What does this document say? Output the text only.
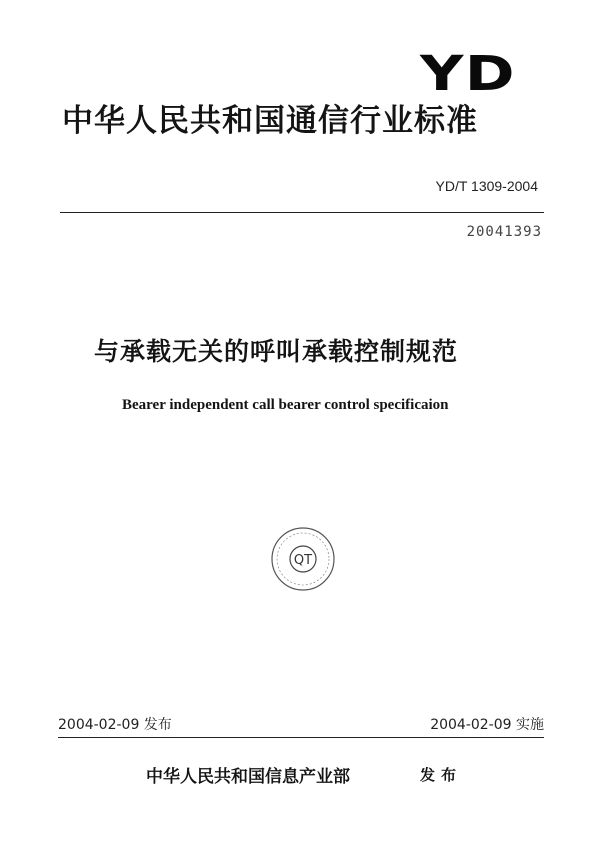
YD
中华人民共和国通信行业标准
YD/T 1309-2004
20041393
与承载无关的呼叫承载控制规范
Bearer independent call bearer control specificaion
QT
2004-02-09 发布	2004-02-09 实施
中华人民共和国信息产业部	发布
